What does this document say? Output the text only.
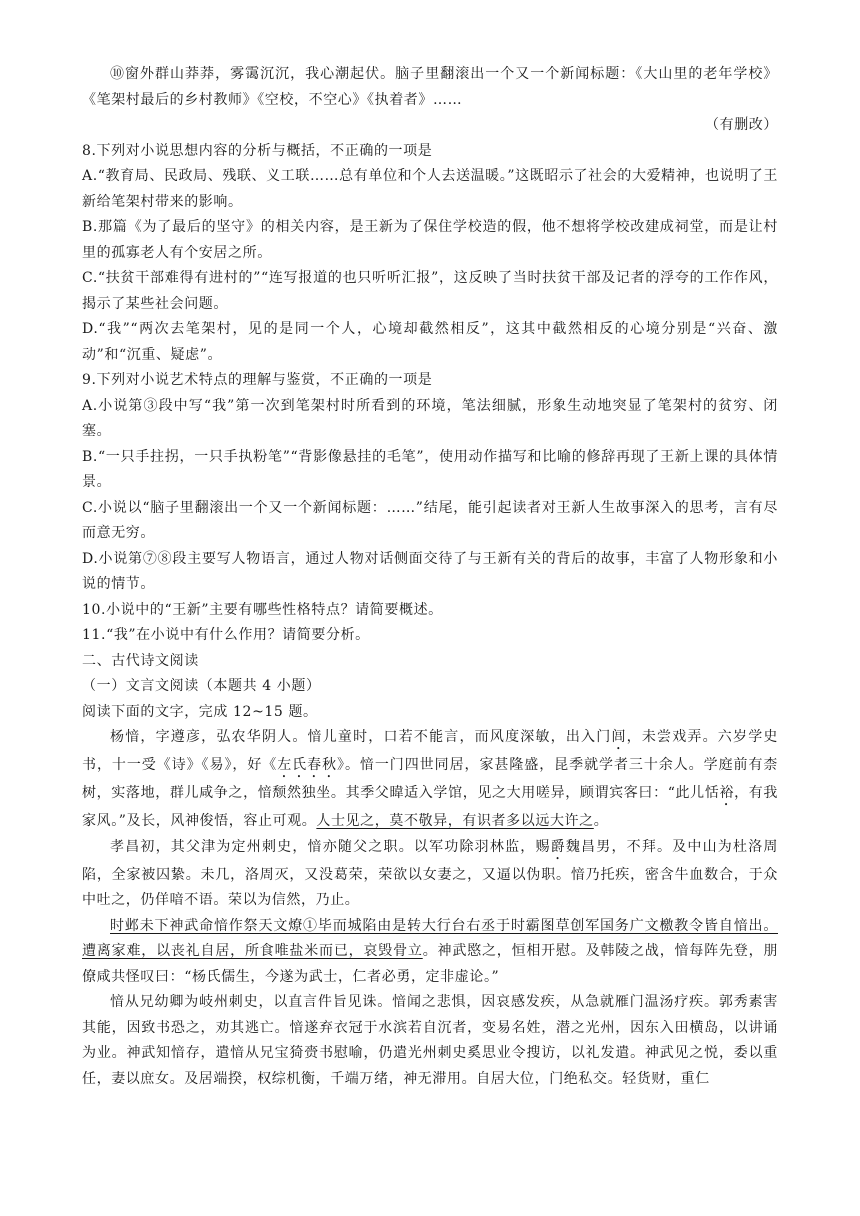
⑩窗外群山莽莽，雾霭沉沉，我心潮起伏。脑子里翻滚出一个又一个新闻标题：《大山里的老年学校》《笔架村最后的乡村教师》《空校，不空心》《执着者》……

（有删改）

8.下列对小说思想内容的分析与概括，不正确的一项是

A.“教育局、民政局、残联、义工联……总有单位和个人去送温暖。”这既昭示了社会的大爱精神，也说明了王新给笔架村带来的影响。

B.那篇《为了最后的坚守》的相关内容，是王新为了保住学校造的假，他不想将学校改建成祠堂，而是让村里的孤寡老人有个安居之所。

C.“扶贫干部难得有进村的”“连写报道的也只听听汇报”，这反映了当时扶贫干部及记者的浮夸的工作作风，揭示了某些社会问题。

D.“我”“两次去笔架村，见的是同一个人，心境却截然相反”，这其中截然相反的心境分别是“兴奋、激动”和“沉重、疑虑”。

9.下列对小说艺术特点的理解与鉴赏，不正确的一项是

A.小说第③段中写“我”第一次到笔架村时所看到的环境，笔法细腻，形象生动地突显了笔架村的贫穷、闭塞。

B.“一只手拄拐，一只手执粉笔”“背影像悬挂的毛笔”，使用动作描写和比喻的修辞再现了王新上课的具体情景。

C.小说以“脑子里翻滚出一个又一个新闻标题：……”结尾，能引起读者对王新人生故事深入的思考，言有尽而意无穷。

D.小说第⑦⑧段主要写人物语言，通过人物对话侧面交待了与王新有关的背后的故事，丰富了人物形象和小说的情节。

10.小说中的“王新”主要有哪些性格特点？请简要概述。

11.“我”在小说中有什么作用？请简要分析。

二、古代诗文阅读

（一）文言文阅读（本题共 4 小题）

阅读下面的文字，完成 12~15 题。

杨愔，字遵彦，弘农华阴人。愔儿童时，口若不能言，而风度深敏，出入门闾，未尝戏弄。六岁学史书，十一受《诗》《易》，好《左氏春秋》。愔一门四世同居，家甚隆盛，昆季就学者三十余人。学庭前有柰树，实落地，群儿咸争之，愔颓然独坐。其季父暐适入学馆，见之大用嗟异，顾谓宾客曰：“此儿恬裕，有我家风。”及长，风神俊悟，容止可观。人士见之，莫不敬异，有识者多以远大许之。

孝昌初，其父津为定州刺史，愔亦随父之职。以军功除羽林监，赐爵魏昌男，不拜。及中山为杜洛周陷，全家被囚絷。未几，洛周灭，又没葛荣，荣欲以女妻之，又逼以伪职。愔乃托疾，密含牛血数合，于众中吐之，仍佯喑不语。荣以为信然，乃止。

时邺未下神武命愔作祭天文燎①毕而城陷由是转大行台右丞于时霸图草创军国务广文檄教令皆自愔出。遭离家难，以丧礼自居，所食唯盐米而已，哀毁骨立。神武愍之，恒相开慰。及韩陵之战，愔每阵先登，朋僚咸共怪叹曰：“杨氏儒生，今遂为武士，仁者必勇，定非虚论。”

愔从兄幼卿为岐州刺史，以直言件旨见诛。愔闻之悲惧，因哀感发疾，从急就雁门温汤疗疾。郭秀素害其能，因致书恐之，劝其逃亡。愔遂弃衣冠于水滨若自沉者，变易名姓，潜之光州，因东入田横岛，以讲诵为业。神武知愔存，遣愔从兄宝猗赍书慰喻，仍遣光州刺史奚思业令搜访，以礼发遣。神武见之悦，委以重任，妻以庶女。及居端揆，权综机衡，千端万绪，神无滞用。自居大位，门绝私交。轻货财，重仁
